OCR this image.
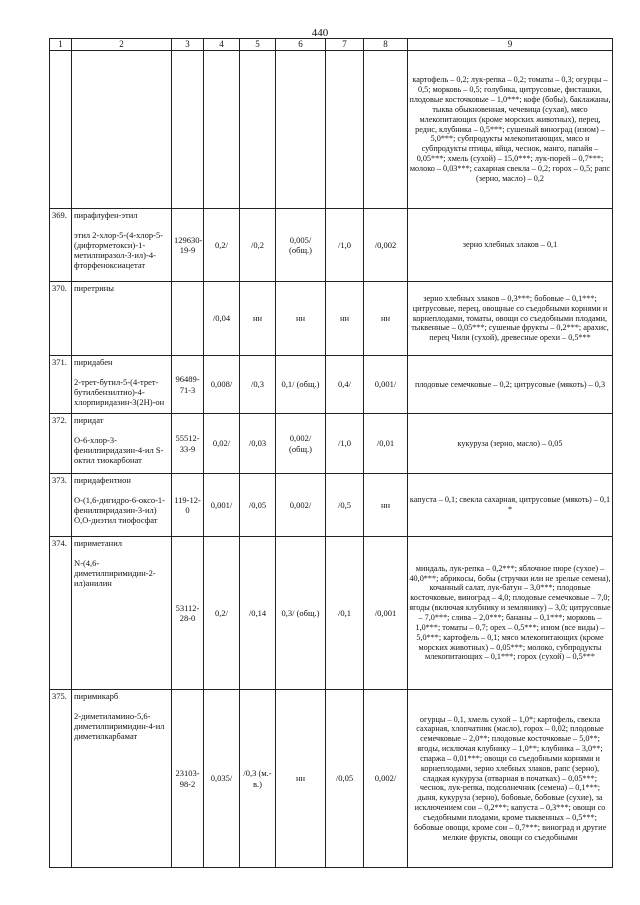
440
1	2	3	4	5	6	7	8	9

							картофель – 0,2; лук-репка – 0,2; томаты – 0,3; огурцы – 0,5; морковь – 0,5; голубика, цитрусовые, фисташки, плодовые косточковые – 1,0***; кофе (бобы), баклажаны, тыква обыкновенная, чечевица (сухая), мясо млекопитающих (кроме морских животных), перец, редис, клубника – 0,5***; сушеный виноград (изюм) – 5,0***; субпродукты млекопитающих, мясо и субпродукты птицы, яйца, чеснок, манго, папайя – 0,05***; хмель (сухой) – 15,0***; лук-порей – 0,7***; молоко – 0,03***; сахарная свекла – 0,2; горох – 0,5; рапс (зерно, масло) – 0,2
369.	пирафлуфен-этил
этил 2-хлор-5-(4-хлор-5-(дифторметокси)-1-метилпиразол-3-ил)-4-фторфеноксиацетат	129630-19-9	0,2/	/0,2	0,005/ (общ.)	/1,0	/0,002	зерно хлебных злаков – 0,1
370.	пиретрины		/0,04	нн	нн	нн	нн	зерно хлебных злаков – 0,3***; бобовые – 0,1***; цитрусовые, перец, овощные со съедобными корнями и корнеплодами, томаты, овощи со съедобными плодами, тыквенные – 0,05***; сушеные фрукты – 0,2***; арахис, перец Чили (сухой), древесные орехи – 0,5***
371.	пиридабен
2-трет-бутил-5-(4-трет-бутилбензилтио)-4-хлорпиридазин-3(2H)-он	96489-71-3	0,008/	/0,3	0,1/ (общ.)	0,4/	0,001/	плодовые семечковые – 0,2; цитрусовые (мякоть) – 0,3
372.	пиридат
O-6-хлор-3-фенилпиридазин-4-ил S-октил тиокарбонат	55512-33-9	0,02/	/0,03	0,002/ (общ.)	/1,0	/0,01	кукуруза (зерно, масло) – 0,05
373.	пиридафентион
O-(1,6-дигидро-6-оксо-1-фенилпиридазин-3-ил) O,O-диэтил тиофосфат	119-12-0	0,001/	/0,05	0,002/	/0,5	нн	капуста – 0,1; свекла сахарная, цитрусовые (мякоть) – 0,1 *
374.	пириметанил
N-(4,6-диметилпиримидин-2-ил)анилин	53112-28-0	0,2/	/0,14	0,3/ (общ.)	/0,1	/0,001	миндаль, лук-репка – 0,2***; яблочное пюре (сухое) – 40,0***; абрикосы, бобы (стручки или не зрелые семена), кочанный салат, лук-батун – 3,0***; плодовые косточковые, виноград – 4,0; плодовые семечковые – 7,0; ягоды (включая клубнику и землянику) – 3,0; цитрусовые – 7,0***; слива – 2,0***; бананы – 0,1***; морковь – 1,0***; томаты – 0,7; орех – 0,5***; изюм (все виды) – 5,0***; картофель – 0,1; мясо млекопитающих (кроме морских животных) – 0,05***; молоко, субпродукты млекопитающих – 0,1***; горох (сухой) – 0,5***
375.	пиримикарб
2-диметиламино-5,6-диметилпиримидин-4-ил диметилкарбамат	23103-98-2	0,035/	/0,3 (м.-в.)	нн	/0,05	0,002/	огурцы – 0,1, хмель сухой – 1,0*; картофель, свекла сахарная, хлопчатник (масло), горох – 0,02; плодовые семечковые – 2,0**; плодовые косточковые – 5,0**; ягоды, исключая клубнику – 1,0**; клубника – 3,0**; спаржа – 0,01***; овощи со съедобными корнями и корнеплодами, зерно хлебных злаков, рапс (зерно), сладкая кукуруза (отварная в початках) – 0,05***; чеснок, лук-репка, подсолнечник (семена) – 0,1***; дыня, кукуруза (зерно), бобовые, бобовые (сухие), за исключением сои – 0,2***; капуста – 0,3***; овощи со съедобными плодами, кроме тыквенных – 0,5***; бобовые овощи, кроме сои – 0,7***; виноград и другие мелкие фрукты, овощи со съедобными
